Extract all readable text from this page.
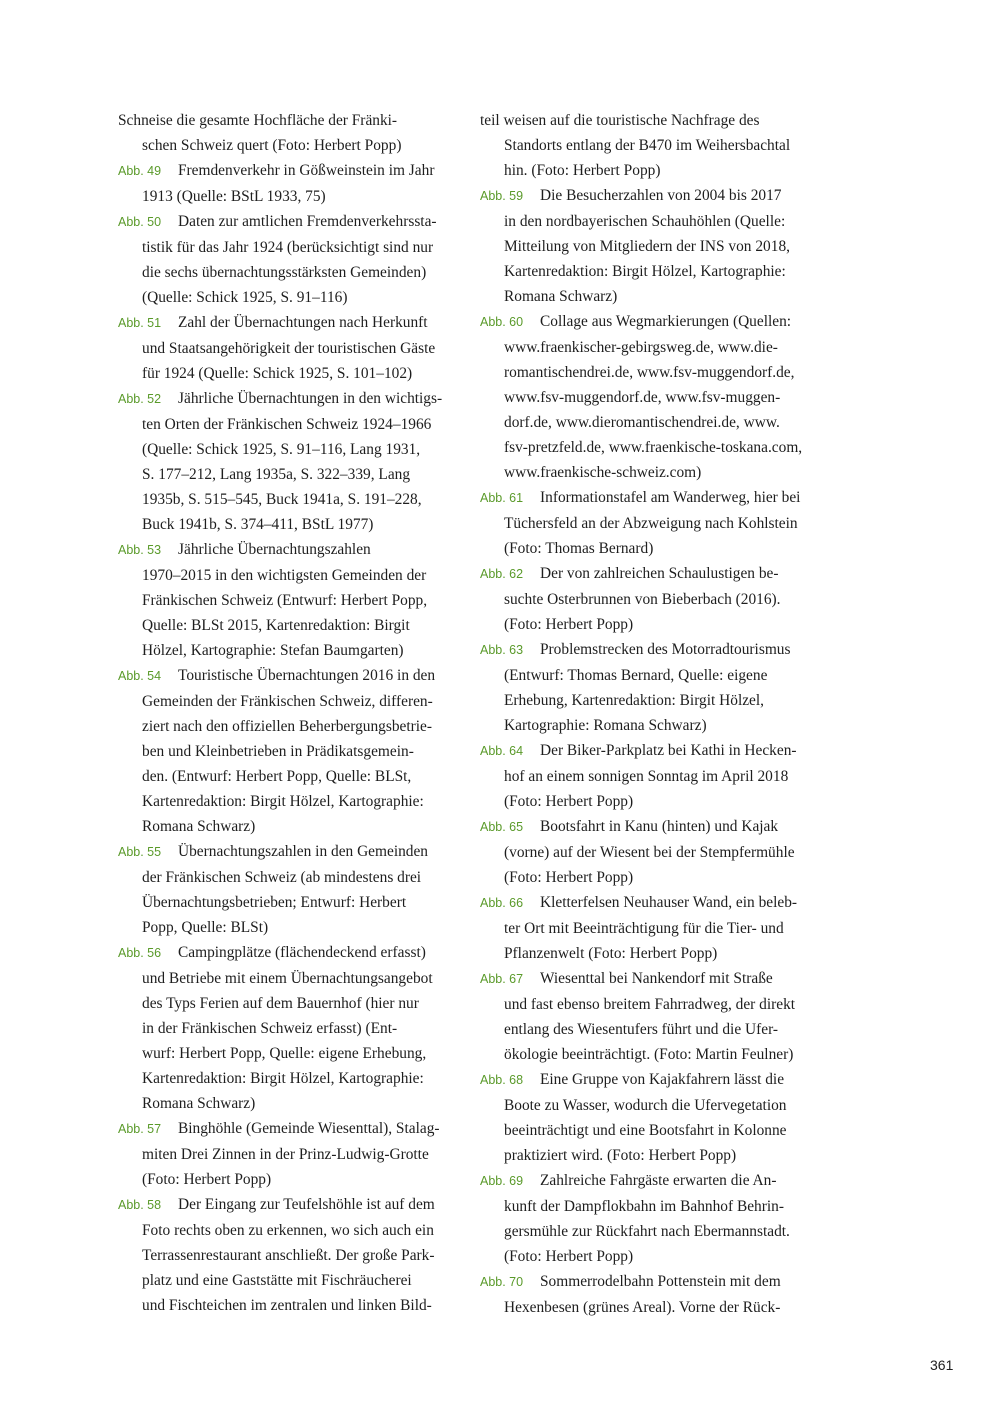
Schneise die gesamte Hochfläche der Fränki-
schen Schweiz quert (Foto: Herbert Popp)
Abb. 49 Fremdenverkehr in Gößweinstein im Jahr
1913 (Quelle: BStL 1933, 75)
Abb. 50 Daten zur amtlichen Fremdenverkehrssta-
tistik für das Jahr 1924 (berücksichtigt sind nur
die sechs übernachtungsstärksten Gemeinden)
(Quelle: Schick 1925, S. 91–116)
Abb. 51 Zahl der Übernachtungen nach Herkunft
und Staatsangehörigkeit der touristischen Gäste
für 1924 (Quelle: Schick 1925, S. 101–102)
Abb. 52 Jährliche Übernachtungen in den wichtigs-
ten Orten der Fränkischen Schweiz 1924–1966
(Quelle: Schick 1925, S. 91–116, Lang 1931,
S. 177–212, Lang 1935a, S. 322–339, Lang
1935b, S. 515–545, Buck 1941a, S. 191–228,
Buck 1941b, S. 374–411, BStL 1977)
Abb. 53 Jährliche Übernachtungszahlen
1970–2015 in den wichtigsten Gemeinden der
Fränkischen Schweiz (Entwurf: Herbert Popp,
Quelle: BLSt 2015, Kartenredaktion: Birgit
Hölzel, Kartographie: Stefan Baumgarten)
Abb. 54 Touristische Übernachtungen 2016 in den
Gemeinden der Fränkischen Schweiz, differen-
ziert nach den offiziellen Beherbergungsbetrie-
ben und Kleinbetrieben in Prädikatsgemein-
den. (Entwurf: Herbert Popp, Quelle: BLSt,
Kartenredaktion: Birgit Hölzel, Kartographie:
Romana Schwarz)
Abb. 55 Übernachtungszahlen in den Gemeinden
der Fränkischen Schweiz (ab mindestens drei
Übernachtungsbetrieben; Entwurf: Herbert
Popp, Quelle: BLSt)
Abb. 56 Campingplätze (flächendeckend erfasst)
und Betriebe mit einem Übernachtungsangebot
des Typs Ferien auf dem Bauernhof (hier nur
in der Fränkischen Schweiz erfasst) (Ent-
wurf: Herbert Popp, Quelle: eigene Erhebung,
Kartenredaktion: Birgit Hölzel, Kartographie:
Romana Schwarz)
Abb. 57 Binghöhle (Gemeinde Wiesenttal), Stalag-
miten Drei Zinnen in der Prinz-Ludwig-Grotte
(Foto: Herbert Popp)
Abb. 58 Der Eingang zur Teufelshöhle ist auf dem
Foto rechts oben zu erkennen, wo sich auch ein
Terrassenrestaurant anschließt. Der große Park-
platz und eine Gaststätte mit Fischräucherei
und Fischteichen im zentralen und linken Bild-
teil weisen auf die touristische Nachfrage des
Standorts entlang der B470 im Weihersbachtal
hin. (Foto: Herbert Popp)
Abb. 59 Die Besucherzahlen von 2004 bis 2017
in den nordbayerischen Schauhöhlen (Quelle:
Mitteilung von Mitgliedern der INS von 2018,
Kartenredaktion: Birgit Hölzel, Kartographie:
Romana Schwarz)
Abb. 60 Collage aus Wegmarkierungen (Quellen:
www.fraenkischer-gebirgsweg.de, www.die-
romantischendrei.de, www.fsv-muggendorf.de,
www.fsv-muggendorf.de, www.fsv-muggen-
dorf.de, www.dieromantischendrei.de, www.
fsv-pretzfeld.de, www.fraenkische-toskana.com,
www.fraenkische-schweiz.com)
Abb. 61 Informationstafel am Wanderweg, hier bei
Tüchersfeld an der Abzweigung nach Kohlstein
(Foto: Thomas Bernard)
Abb. 62 Der von zahlreichen Schaulustigen be-
suchte Osterbrunnen von Bieberbach (2016).
(Foto: Herbert Popp)
Abb. 63 Problemstrecken des Motorradtourismus
(Entwurf: Thomas Bernard, Quelle: eigene
Erhebung, Kartenredaktion: Birgit Hölzel,
Kartographie: Romana Schwarz)
Abb. 64 Der Biker-Parkplatz bei Kathi in Hecken-
hof an einem sonnigen Sonntag im April 2018
(Foto: Herbert Popp)
Abb. 65 Bootsfahrt in Kanu (hinten) und Kajak
(vorne) auf der Wiesent bei der Stempfermühle
(Foto: Herbert Popp)
Abb. 66 Kletterfelsen Neuhauser Wand, ein beleb-
ter Ort mit Beeinträchtigung für die Tier- und
Pflanzenwelt (Foto: Herbert Popp)
Abb. 67 Wiesenttal bei Nankendorf mit Straße
und fast ebenso breitem Fahrradweg, der direkt
entlang des Wiesentufers führt und die Ufer-
ökologie beeinträchtigt. (Foto: Martin Feulner)
Abb. 68 Eine Gruppe von Kajakfahrern lässt die
Boote zu Wasser, wodurch die Ufervegetation
beeinträchtigt und eine Bootsfahrt in Kolonne
praktiziert wird. (Foto: Herbert Popp)
Abb. 69 Zahlreiche Fahrgäste erwarten die An-
kunft der Dampflokbahn im Bahnhof Behrin-
gersmühle zur Rückfahrt nach Ebermannstadt.
(Foto: Herbert Popp)
Abb. 70 Sommerrodelbahn Pottenstein mit dem
Hexenbesen (grünes Areal). Vorne der Rück-
361
